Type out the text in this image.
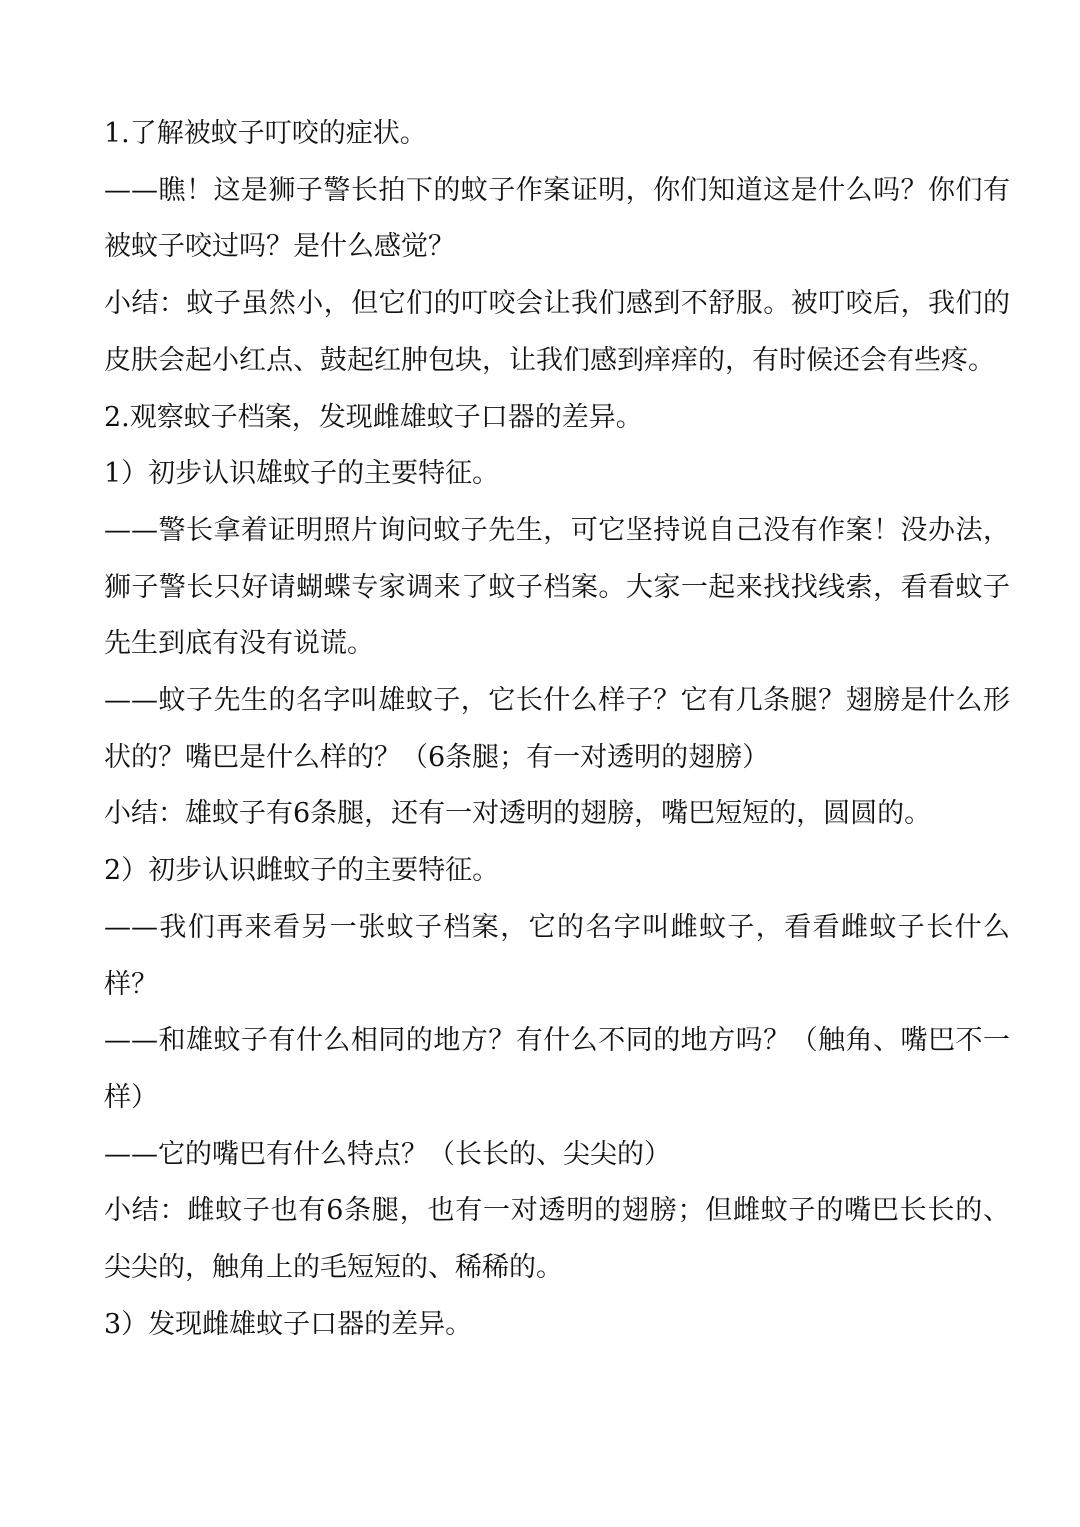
1.了解被蚊子叮咬的症状。

——瞧！这是狮子警长拍下的蚊子作案证明，你们知道这是什么吗？你们有被蚊子咬过吗？是什么感觉？

小结：蚊子虽然小，但它们的叮咬会让我们感到不舒服。被叮咬后，我们的皮肤会起小红点、鼓起红肿包块，让我们感到痒痒的，有时候还会有些疼。

2.观察蚊子档案，发现雌雄蚊子口器的差异。

1）初步认识雄蚊子的主要特征。

——警长拿着证明照片询问蚊子先生，可它坚持说自己没有作案！没办法，狮子警长只好请蝴蝶专家调来了蚊子档案。大家一起来找找线索，看看蚊子先生到底有没有说谎。

——蚊子先生的名字叫雄蚊子，它长什么样子？它有几条腿？翅膀是什么形状的？嘴巴是什么样的？（6条腿；有一对透明的翅膀）

小结：雄蚊子有6条腿，还有一对透明的翅膀，嘴巴短短的，圆圆的。

2）初步认识雌蚊子的主要特征。

——我们再来看另一张蚊子档案，它的名字叫雌蚊子，看看雌蚊子长什么样？

——和雄蚊子有什么相同的地方？有什么不同的地方吗？（触角、嘴巴不一样）

——它的嘴巴有什么特点？（长长的、尖尖的）

小结：雌蚊子也有6条腿，也有一对透明的翅膀；但雌蚊子的嘴巴长长的、尖尖的，触角上的毛短短的、稀稀的。

3）发现雌雄蚊子口器的差异。
